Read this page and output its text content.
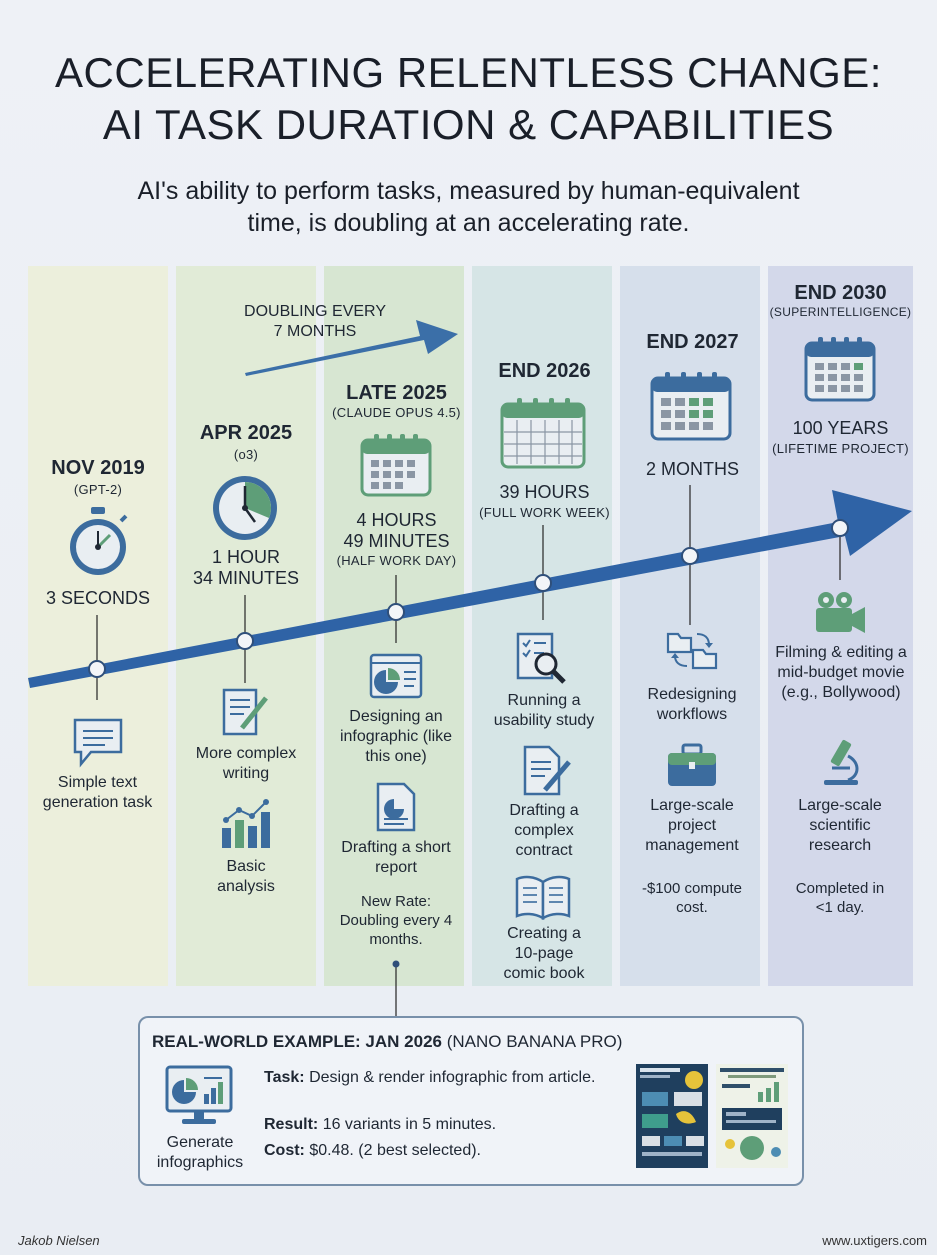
ACCELERATING RELENTLESS CHANGE:
AI TASK DURATION & CAPABILITIES
AI's ability to perform tasks, measured by human-equivalent
time, is doubling at an accelerating rate.
DOUBLING EVERY
7 MONTHS
NOV 2019
(GPT-2)
3 SECONDS
Simple text generation task
APR 2025
(o3)
1 HOUR
34 MINUTES
More complex writing
Basic analysis
LATE 2025
(CLAUDE OPUS 4.5)
4 HOURS
49 MINUTES
(HALF WORK DAY)
Designing an infographic (like this one)
Drafting a short report
New Rate: Doubling every 4 months.
END 2026
39 HOURS
(FULL WORK WEEK)
Running a usability study
Drafting a complex contract
Creating a 10-page comic book
END 2027
2 MONTHS
Redesigning workflows
Large-scale project management
-$100 compute cost.
END 2030
(SUPERINTELLIGENCE)
100 YEARS
(LIFETIME PROJECT)
Filming & editing a mid-budget movie (e.g., Bollywood)
Large-scale scientific research
Completed in <1 day.
REAL-WORLD EXAMPLE: JAN 2026 (NANO BANANA PRO)
Generate infographics
Task: Design & render infographic from article.
Result: 16 variants in 5 minutes.
Cost: $0.48. (2 best selected).
Jakob Nielsen	www.uxtigers.com
